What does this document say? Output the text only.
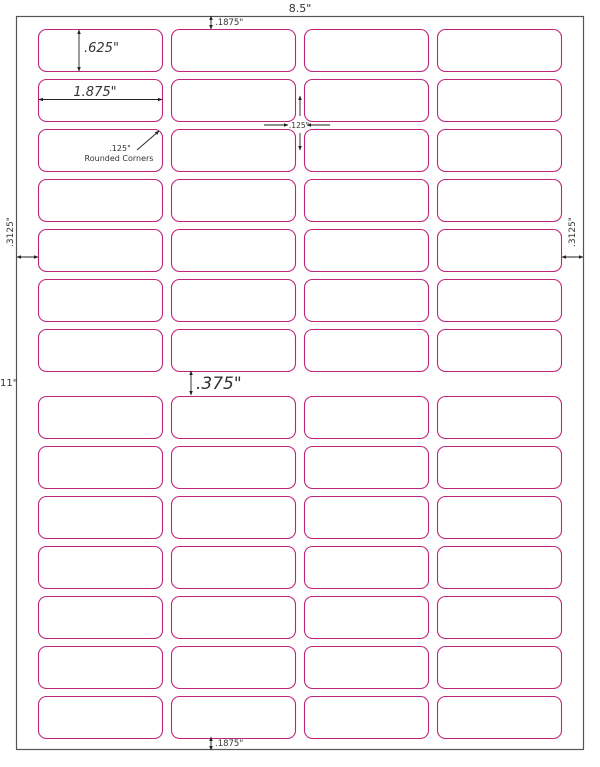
8.5"
11"
.1875"
.1875"
.625"
1.875"
.125"
Rounded Corners
.125"
.375"
.3125"	.3125"
